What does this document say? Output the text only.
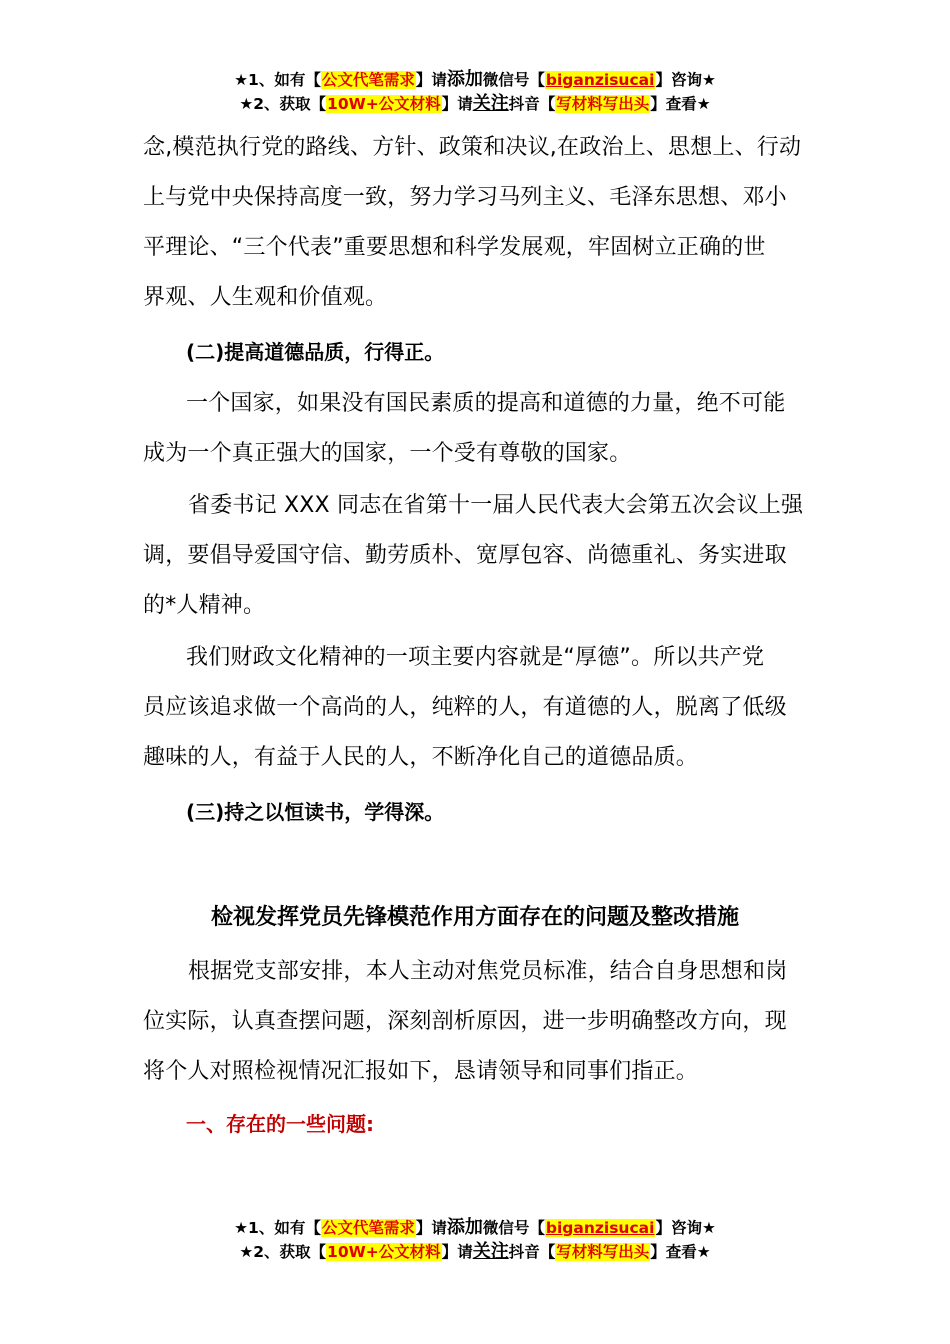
★1、如有【公文代笔需求】请添加微信号【biganzisucai】咨询★
★2、获取【10W+公文材料】请关注抖音【写材料写出头】查看★
念,模范执行党的路线、方针、政策和决议,在政治上、思想上、行动
上与党中央保持高度一致，努力学习马列主义、毛泽东思想、邓小
平理论、“三个代表”重要思想和科学发展观，牢固树立正确的世
界观、人生观和价值观。
(二)提高道德品质，行得正。
一个国家，如果没有国民素质的提高和道德的力量，绝不可能
成为一个真正强大的国家，一个受有尊敬的国家。
省委书记 XXX 同志在省第十一届人民代表大会第五次会议上强
调，要倡导爱国守信、勤劳质朴、宽厚包容、尚德重礼、务实进取
的*人精神。
我们财政文化精神的一项主要内容就是“厚德”。所以共产党
员应该追求做一个高尚的人，纯粹的人，有道德的人，脱离了低级
趣味的人，有益于人民的人，不断净化自己的道德品质。
(三)持之以恒读书，学得深。
检视发挥党员先锋模范作用方面存在的问题及整改措施
根据党支部安排，本人主动对焦党员标准，结合自身思想和岗
位实际，认真查摆问题，深刻剖析原因，进一步明确整改方向，现
将个人对照检视情况汇报如下，恳请领导和同事们指正。
一、存在的一些问题:
★1、如有【公文代笔需求】请添加微信号【biganzisucai】咨询★
★2、获取【10W+公文材料】请关注抖音【写材料写出头】查看★
